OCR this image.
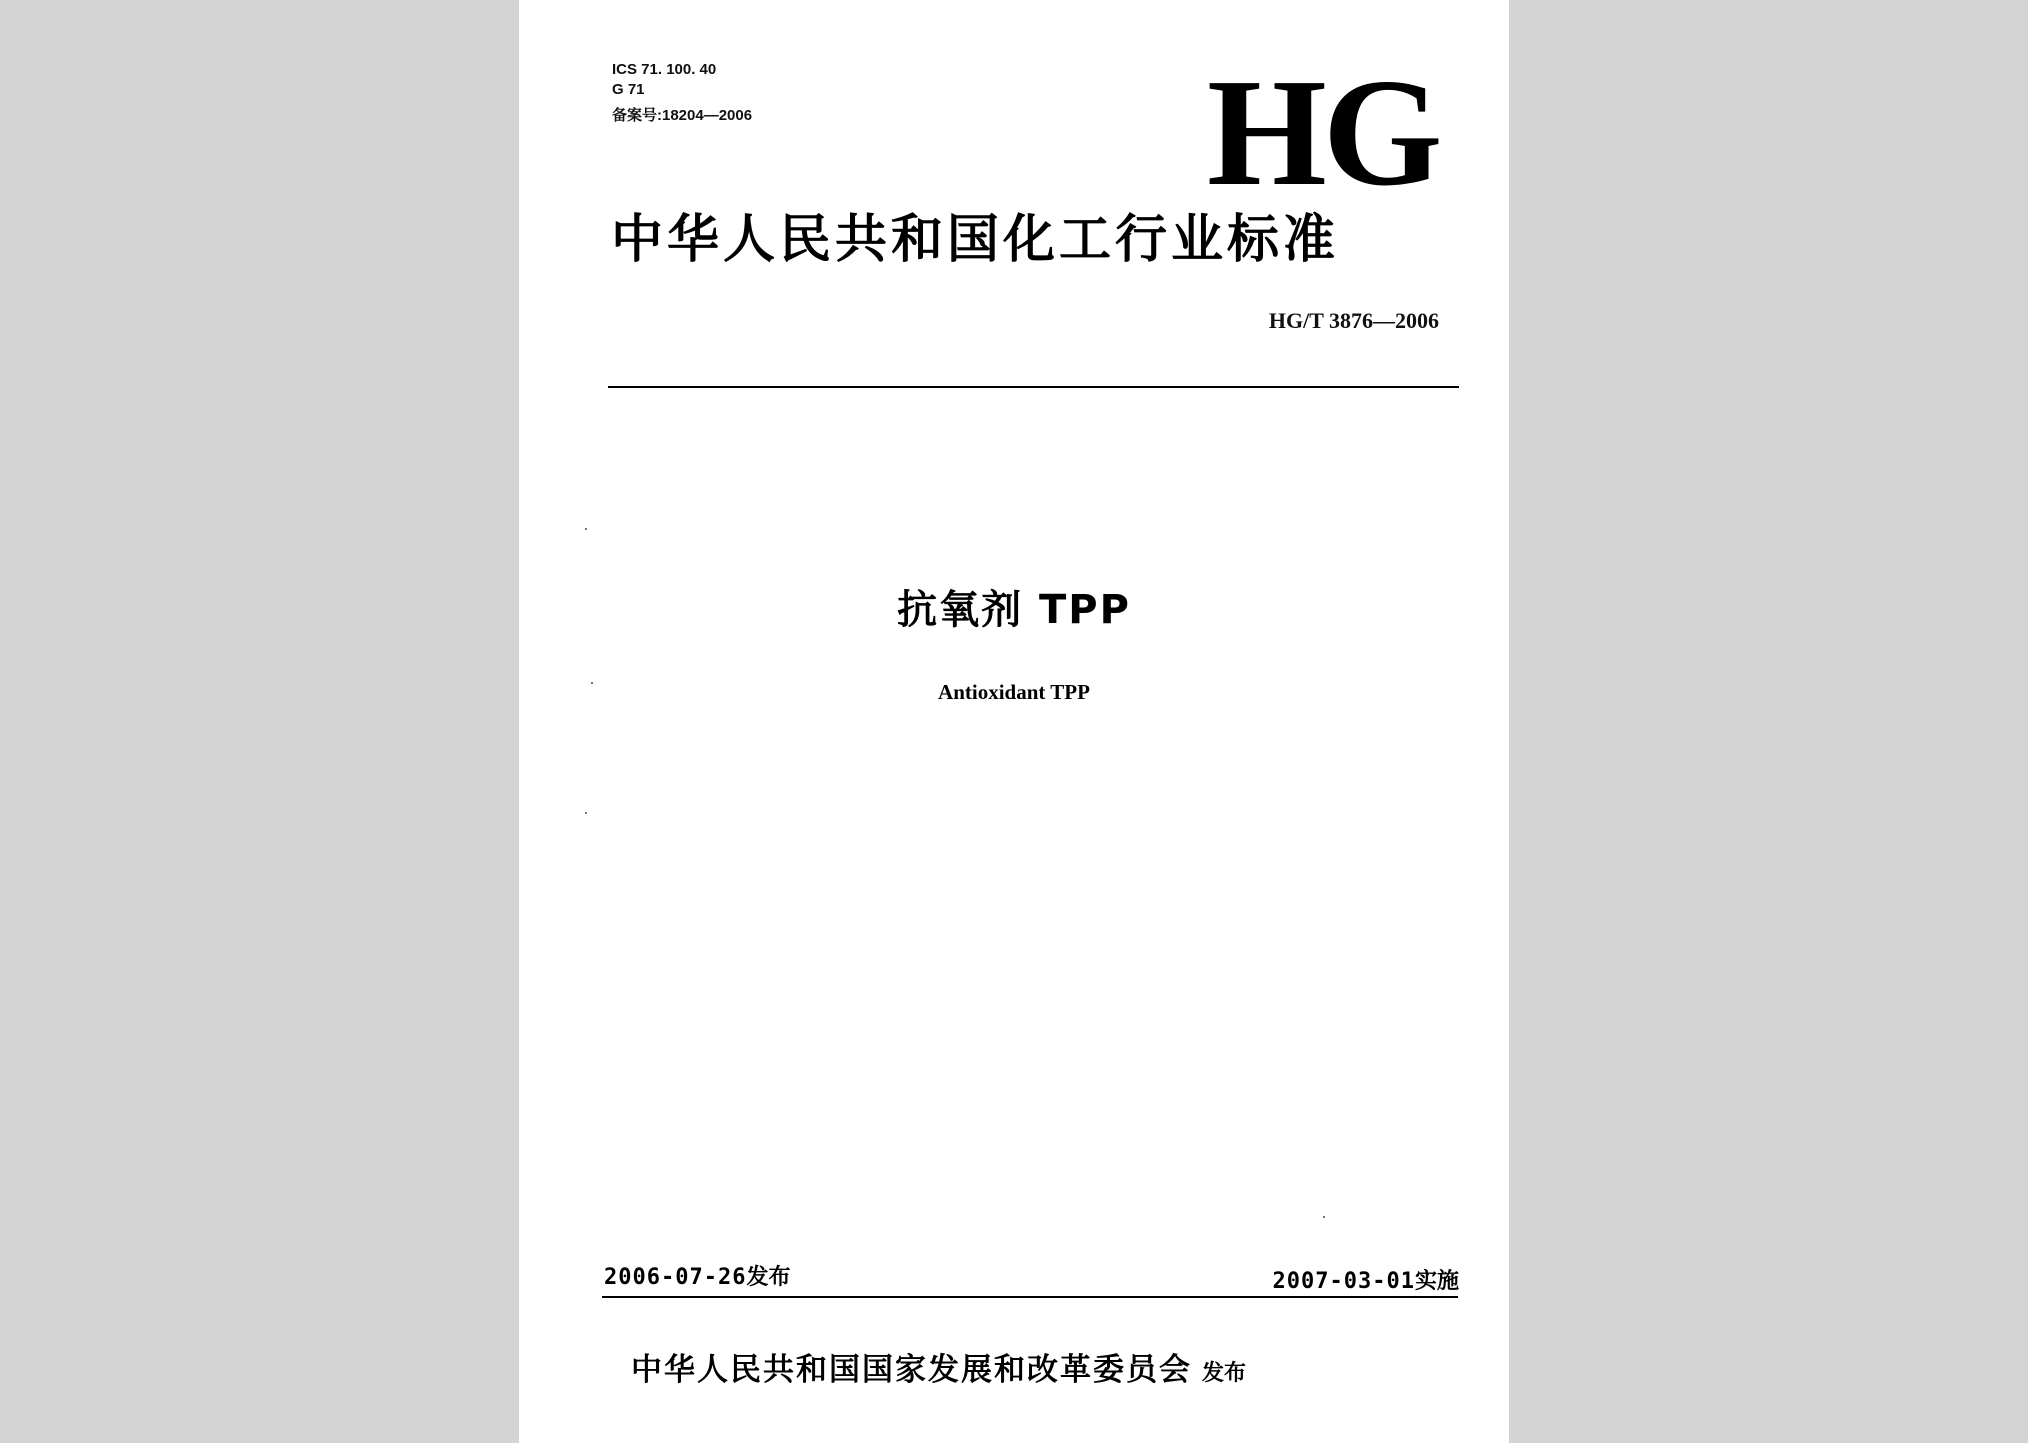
ICS 71. 100. 40
G 71
备案号:18204—2006	HG
中华人民共和国化工行业标准
HG/T 3876—2006
抗氧剂 TPP
Antioxidant TPP
2006-07-26发布	2007-03-01实施
中华人民共和国国家发展和改革委员会 发布
